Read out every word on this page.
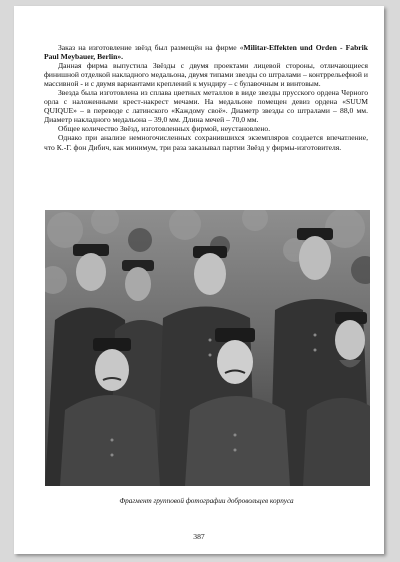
Заказ на изготовление звёзд был размещён на фирме «Militar-Effekten und Orden - Fabrik Paul Meybauer, Berlin».

Данная фирма выпустила Звёзды с двумя проектами лицевой стороны, отличающиеся финишной отделкой накладного медальона, двумя типами звезды со штралами – контррельефной и массивной - и с двумя вариантами креплений к мундиру – с булавочным и винтовым.

Звезда была изготовлена из сплава цветных металлов в виде звезды прусского ордена Черного орла с наложенными крест-накрест мечами. На медальоне помещен девиз ордена «SUUM QUIQUE» – в переводе с латинского «Каждому своё». Диаметр звезды со штралами – 88,0 мм. Диаметр накладного медальона – 39,0 мм. Длина мечей – 70,0 мм.

Общее количество Звёзд, изготовленных фирмой, неустановлено.

Однако при анализе немногочисленных сохранившихся экземпляров создается впечатление, что К.-Г. фон Дибич, как минимум, три раза заказывал партии Звёзд у фирмы-изготовителя.

Фрагмент групповой фотографии добровольцев корпуса
387
